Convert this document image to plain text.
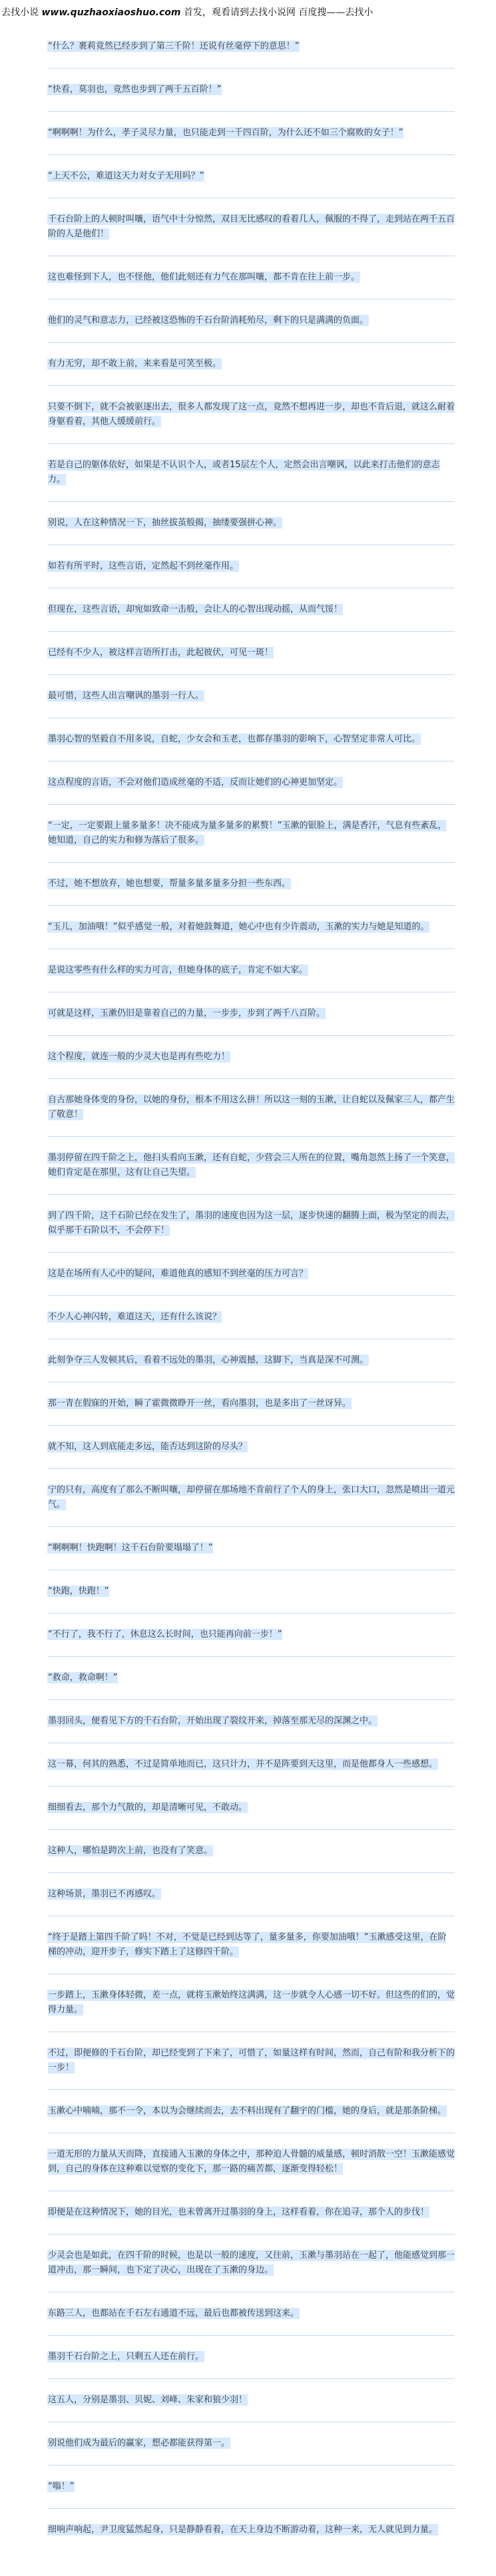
去找小说 www.quzhaoxiaoshuo.com 首发，观看请到去找小说网 百度搜——去找小
“什么？裹莉竟然已经步到了第三千阶！还说有丝毫停下的意思！”
“快看，莫羽也，竟然也步到了两千五百阶！”
“啊啊啊！为什么，孝子灵尽力量，也只能走到一千四百阶，为什么还不如三个腐败的女子！”
“上天不公，难道这天力对女子无用吗？”
千石台阶上的人顿时叫嚷，语气中十分惊然，双目无比感叹的看着几人，佩服的不得了，走到站在两千五百阶的人是他们！
这也难怪到下人，也不怪他，他们此刻还有力气在那叫嚷，都不肯在往上前一步。
他们的灵气和意志力，已经被这恐怖的千石台阶消耗殆尽，剩下的只是满满的负面。
有力无穷，却不敢上前，来来看是可笑至极。
只要不倒下，就不会被驱逐出去，很多人都发现了这一点，竟然不想再进一步，却也不肯后退，就这么耐着身躯看着，其他人缓缓前行。
若是自己的躯体依好，如果是不认识个人，或者15层左个人，定然会出言嘲讽，以此来打击他们的意志力。
别说，人在这种情况一下，抽丝拔茧般揭，抽缕要强拼心神。
如若有所平时，这些言语，定然起不到丝毫作用。
但现在，这些言语，却宛如致命一击般，会让人的心智出现动摇，从而气馁！
已经有不少人，被这样言语所打击，此起彼伏，可见一斑！
最可惜，这些人出言嘲讽的墨羽一行人。
墨羽心智的坚毅自不用多说，自蛇，少女会和玉老，也都存墨羽的影响下，心智坚定非常人可比。
这点程度的言语，不会对他们造成丝毫的不适，反而让她们的心神更加坚定。
“一定，一定要跟上量多量多！决不能成为量多量多的累赘！”玉漱的银脸上，满是香汗，气息有些紊乱，她知道，自己的实力和修为落后了很多。
不过，她不想放弃，她也想要，帮量多量多量多分担一些东西。
“玉儿，加油哦！”似乎感觉一般，对着她鼓舞道，她心中也有少许震动，玉漱的实力与她是知道的。
是说这零些有什么样的实力可言，但她身体的底子，肯定不如大家。
可就是这样，玉漱仍旧是靠着自己的力量，一步步，步到了两千八百阶。
这个程度，就连一般的少灵大也是再有些吃力！
自古那她身体变的身份，以她的身份，根本不用这么拼！所以这一刻的玉漱，让自蛇以及佩家三人，都产生了敬意！
墨羽停留在四千阶之上，他扫头看向玉漱，还有自蛇，少营会三人所在的位置，嘴角忽然上扬了一个笑意，她们肯定是在那里，这有让自己失望。
到了四千阶，这千石阶已经在发生了，墨羽的速度也因为这一层，逐步快速的翻腾上面，极为坚定的而去，似乎那千石阶以不，不会停下！
这是在场所有人心中的疑问，难道他真的感知不到丝毫的压力可言？
不少人心神闪转，难道这天，还有什么该说？
此刻争夺三人发顿其后，看着不远处的墨羽，心神震撼，这脚下，当真是深不可测。
那一青在假寐的开始，瞬了霍微微睁开一丝，看向墨羽，也是多出了一丝讶异。
就不知，这人到底能走多远，能否达到这阶的尽头？
宁的只有，高度有了那么不断叫嚷，却停留在那场地不肯前行了个人的身上，张口大口，忽然是喷出一道元气。
“啊啊啊！快跑啊！这千石台阶要塌塌了！”
“快跑，快跑！”
“不行了，我不行了，休息这么长时间，也只能再向前一步！”
“救命，救命啊！”
墨羽回头，便看见下方的千石台阶，开始出现了裂纹开来，掉落至那无尽的深渊之中。
这一幕，何其的熟悉，不过是简单地而已，这只计力，并不是阵要到天这里，而是他都身人一些感想。
细细看去，那个力气散的，却是清晰可见，不敢动。
这种人，哪怕是跨次上前，也没有了笑意。
这种场景，墨羽已不再感叹。
“终于是踏上第四千阶了吗！不对，不觉是已经到达等了，量多量多，你要加油哦！”玉漱感受这里，在阶梯的冲动，迎开步子，修实下踏上了这修四千阶。
一步踏上，玉漱身体轻微，差一点，就将玉漱始终这满满，这一步就令人心感一切不好。但这些的们的，觉得力量。
不过，即便修的千石台阶，却已经变到了下来了，可惜了，如量这样有时间，然而，自己有阶和我分析下的一步！
玉漱心中喃喃，那不一令，本以为会继续而去，去不料出现有了翻宇的门槛，她的身后，就是那条阶梯。
一道无形的力量从天而降，直接通入玉漱的身体之中，那种迫人骨髓的威量感，顿时消散一空！玉漱能感觉到，自己的身体在这种难以觉察的变化下，那一路的痛苦都，逐渐变得轻松！
即便是在这种情况下，她的目光，也未曾离开过墨羽的身上，这样看着，你在追寻，那个人的步伐！
少灵会也是如此，在四千阶的时候，也是以一般的速度，又往前，玉漱与墨羽站在一起了，他能感觉到那一道冲击，那一瞬间，也下定了决心，出现在了玉漱的身边。
东路三人，也都站在千石左右通道不远，最后也都被传送到这来。
墨羽千石台阶之上，只剩五人还在前行。
这五人，分别是墨羽、贝妮、刘峰、朱家和狼少羽！
别说他们成为最后的赢家，想必都能获得第一。
“嗡！”
细响声响起，尹卫度猛然起身，只是静静看着，在天上身边不断游动着，这种一来，无人就见到力量。
